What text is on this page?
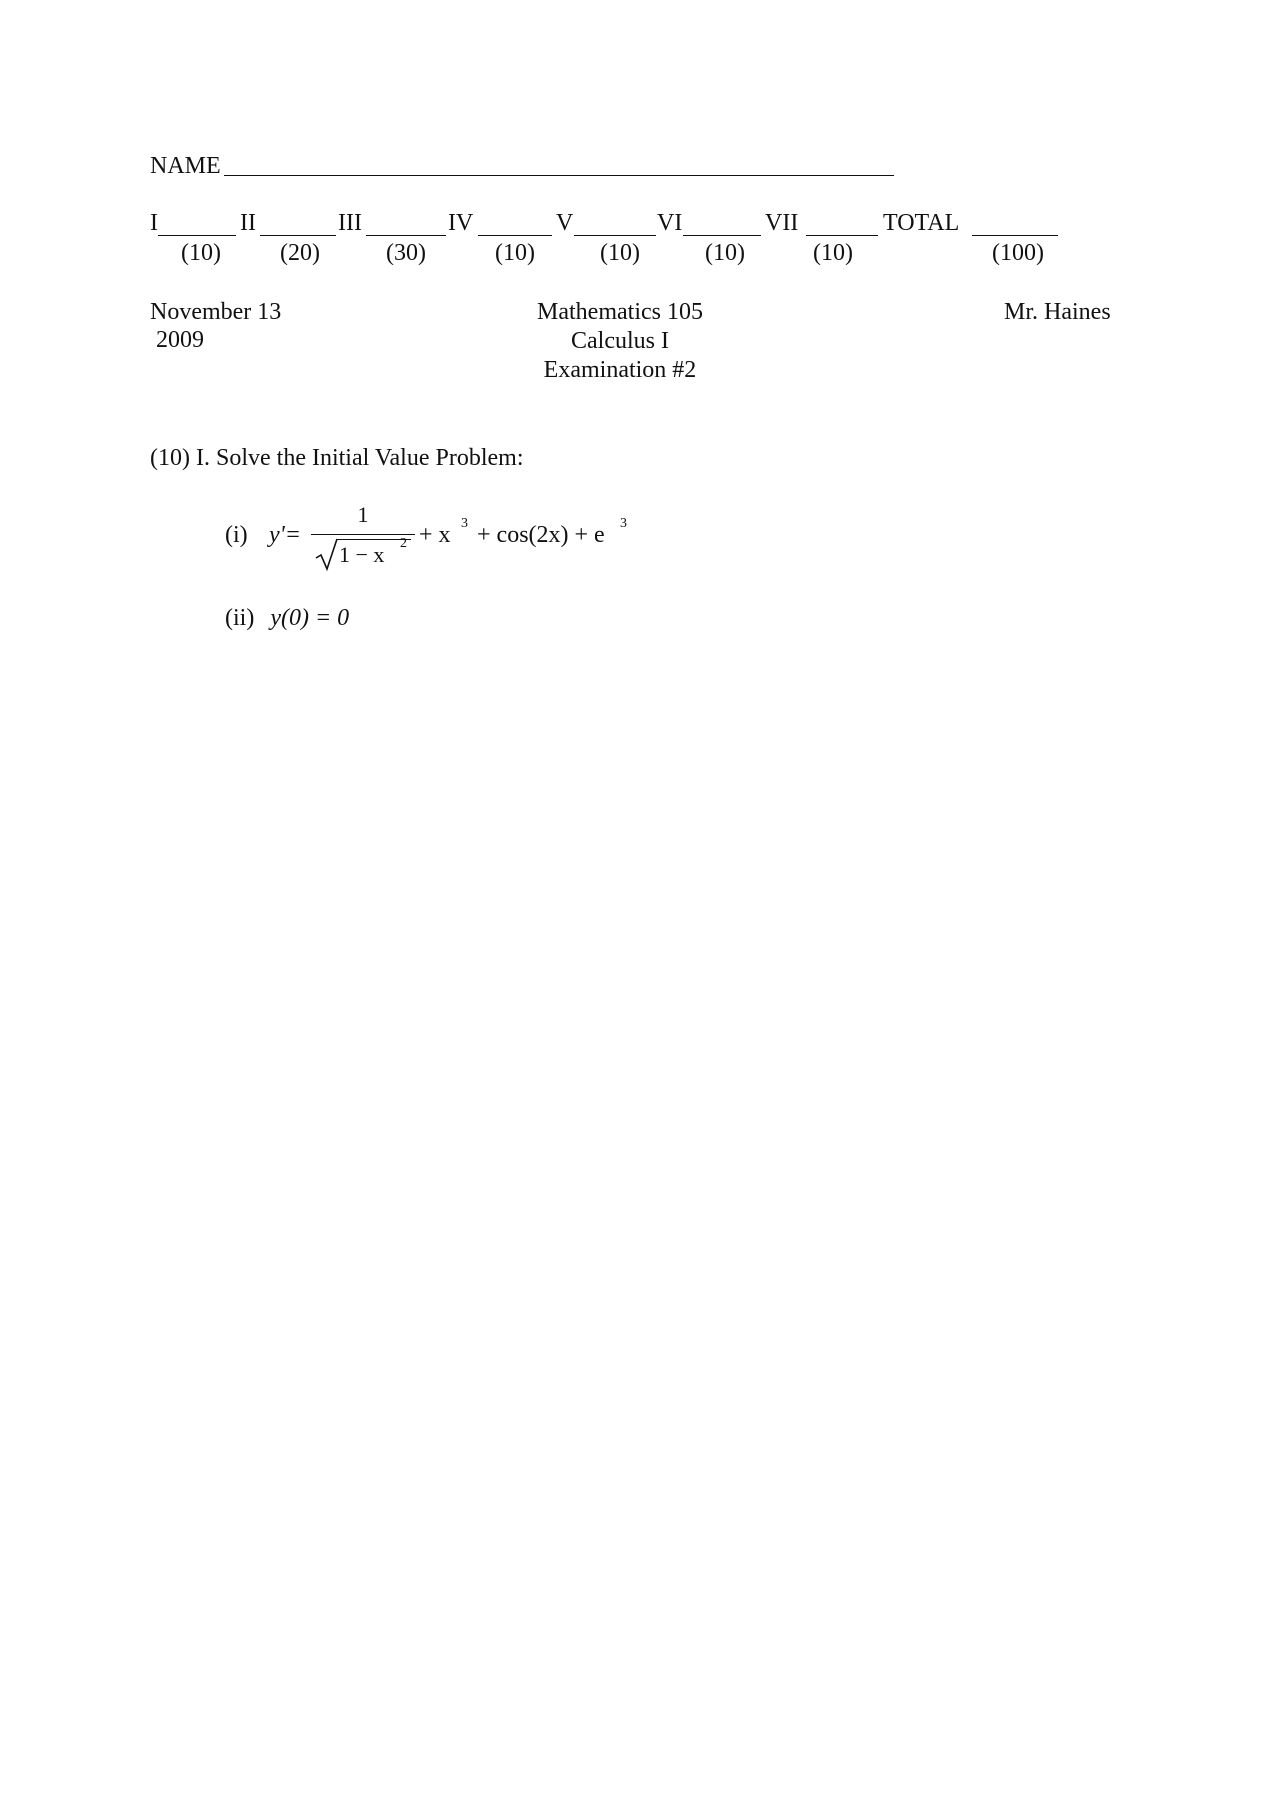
NAME
I
(10)
II
(20)
III
(30)
IV
(10)
V
(10)
VI
(10)
VII
(10)
TOTAL
(100)
November 13
2009
Mathematics 105
Calculus I
Examination #2
Mr. Haines
(10) I. Solve the Initial Value Problem:
(i) y'=
1
1 − x 2 + x 3 + cos(2x) + e 3
(ii) y(0) = 0
